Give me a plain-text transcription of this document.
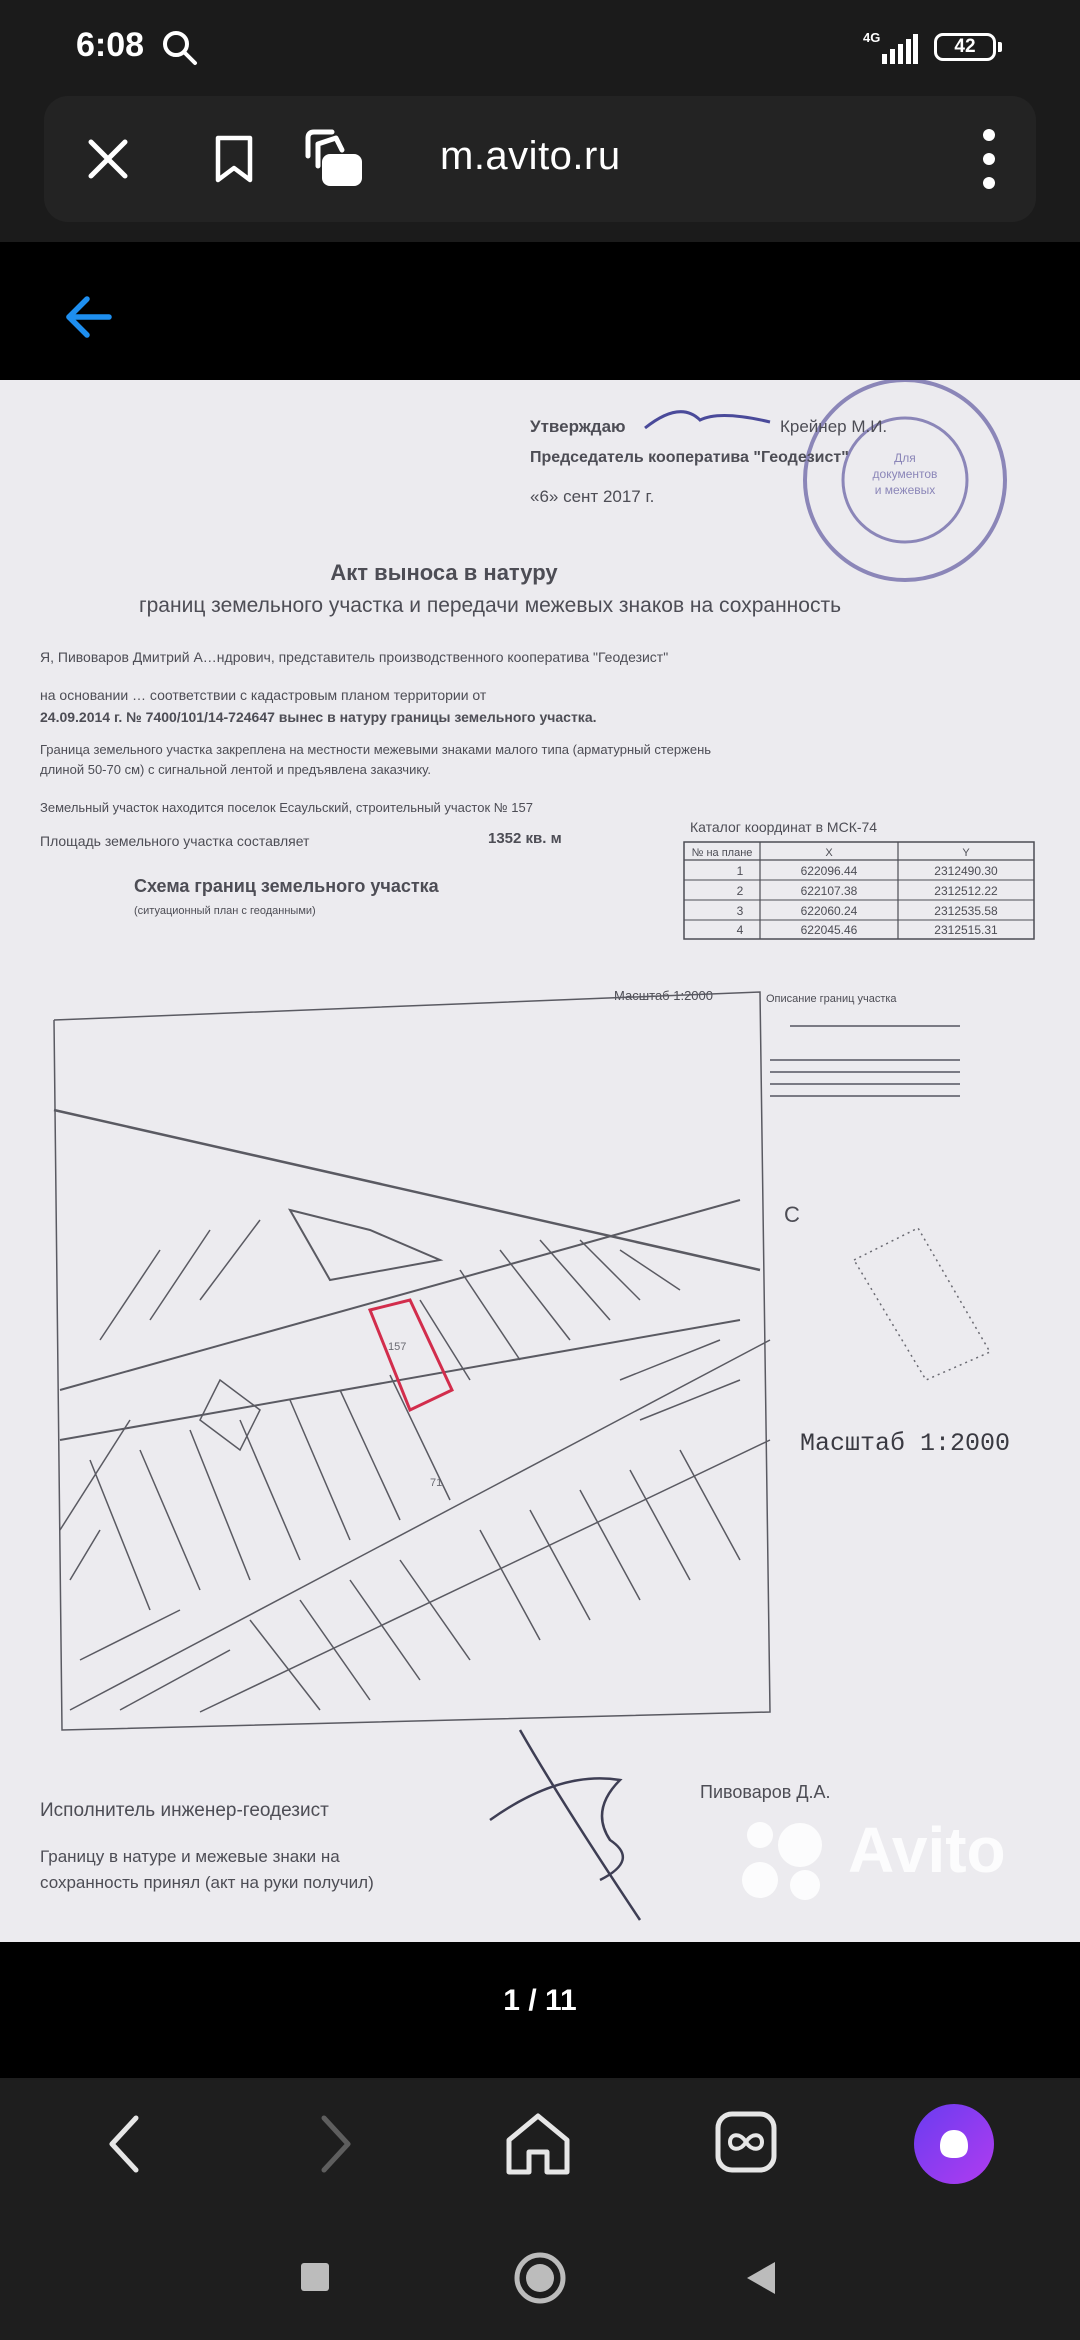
6:08	4G	42
m.avito.ru
Для
документов
и межевых
Утверждаю	Крейнер М.И.
Председатель кооператива "Геодезист"
«6» сент 2017 г.
Акт выноса в натуру
границ земельного участка и передачи межевых знаков на сохранность
Я, Пивоваров Дмитрий А…ндрович, представитель производственного кооператива "Геодезист"
на основании … соответствии с кадастровым планом территории от
24.09.2014 г. № 7400/101/14-724647 вынес в натуру границы земельного участка.
Граница земельного участка закреплена на местности межевыми знаками малого типа (арматурный стержень
длиной 50-70 см) с сигнальной лентой и предъявлена заказчику.
Земельный участок находится поселок Есаульский, строительный участок № 157
Площадь земельного участка составляет	1352 кв. м
Каталог координат в МСК-74
№ на плане	X	Y
1	622096.44	2312490.30
2	622107.38	2312512.22
3	622060.24	2312535.58
4	622045.46	2312515.31
Схема границ земельного участка
(ситуационный план с геоданными)
Масштаб 1:2000	Описание границ участка
157
71
С
Масштаб 1:2000
Исполнитель инженер-геодезист
Пивоваров Д.А.
Границу в натуре и межевые знаки на
сохранность принял (акт на руки получил)	Avito
1 / 11
